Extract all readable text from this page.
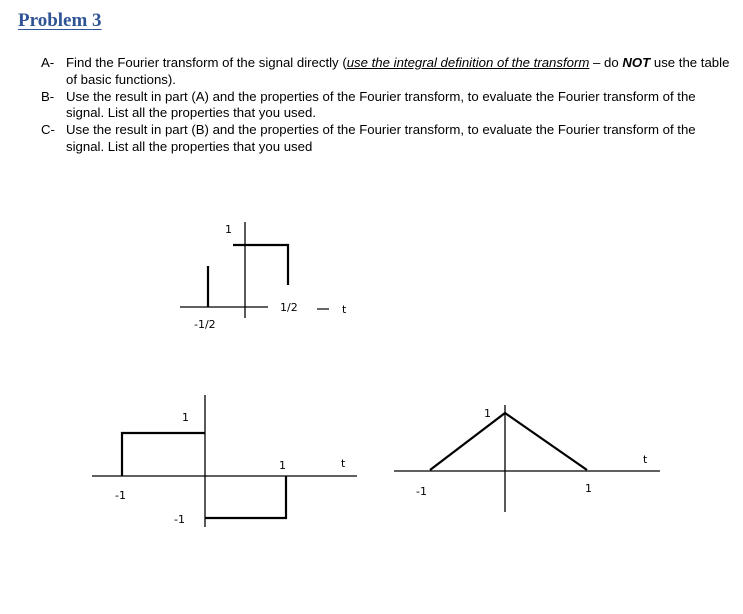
Problem 3
A- Find the Fourier transform of the signal directly (use the integral definition of the transform – do NOT use the table of basic functions).
B- Use the result in part (A) and the properties of the Fourier transform, to evaluate the Fourier transform of the signal. List all the properties that you used.
C- Use the result in part (B) and the properties of the Fourier transform, to evaluate the Fourier transform of the signal. List all the properties that you used
1
-1/2
1/2	t
1
-1
-1
1	t
1
-1	1
t
